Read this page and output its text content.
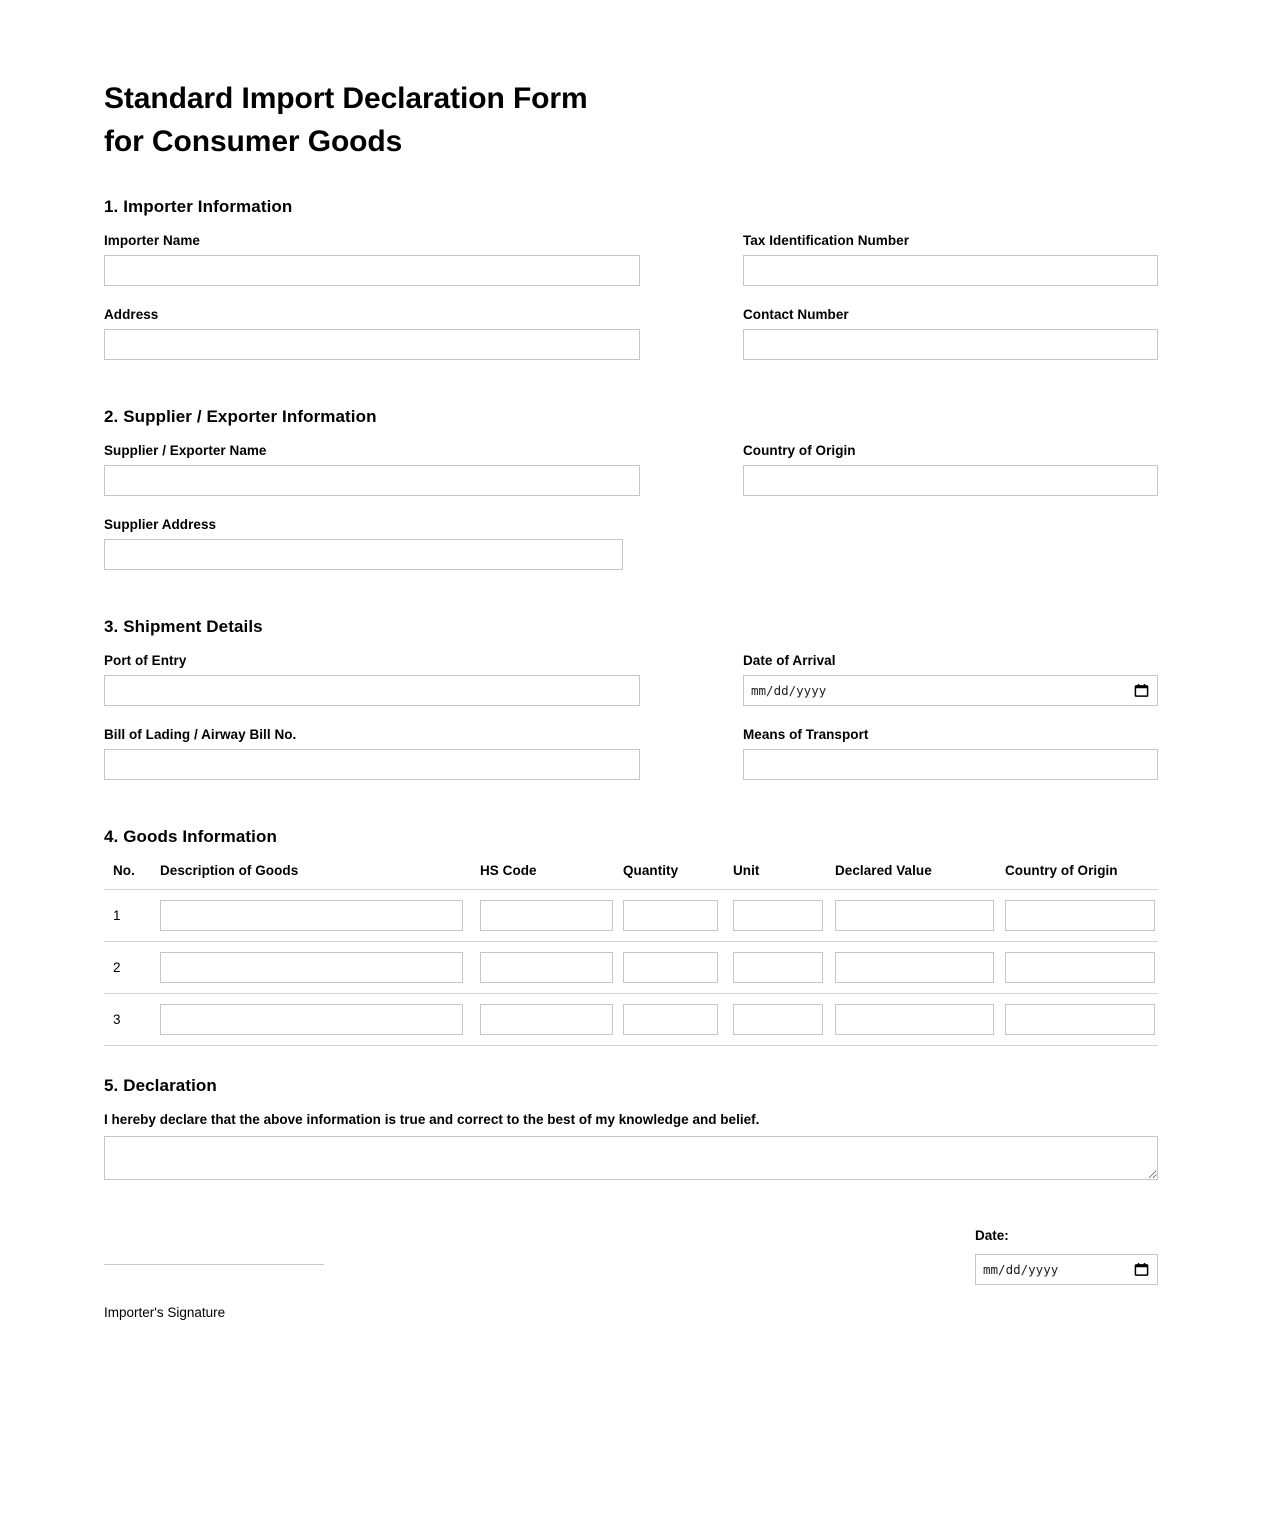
Standard Import Declaration Form
for Consumer Goods
1. Importer Information
Importer Name	Tax Identification Number
Address	Contact Number
2. Supplier / Exporter Information
Supplier / Exporter Name	Country of Origin
Supplier Address
3. Shipment Details
Port of Entry	Date of Arrival
mm/dd/yyyy
Bill of Lading / Airway Bill No.	Means of Transport
4. Goods Information
No.	Description of Goods	HS Code	Quantity	Unit	Declared Value	Country of Origin
1	

2	

3	

5. Declaration

I hereby declare that the above information is true and correct to the best of my knowledge and belief.

Importer's Signature
Date:
mm/dd/yyyy
